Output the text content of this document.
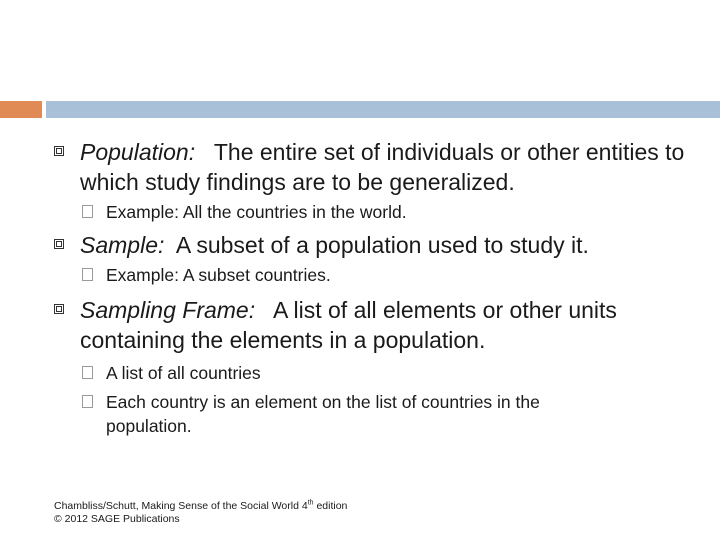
Population: The entire set of individuals or other entities to which study findings are to be generalized.
Example: All the countries in the world.
Sample: A subset of a population used to study it.
Example: A subset countries.
Sampling Frame: A list of all elements or other units containing the elements in a population.
A list of all countries
Each country is an element on the list of countries in the population.
Chambliss/Schutt, Making Sense of the Social World 4th edition
© 2012 SAGE Publications
